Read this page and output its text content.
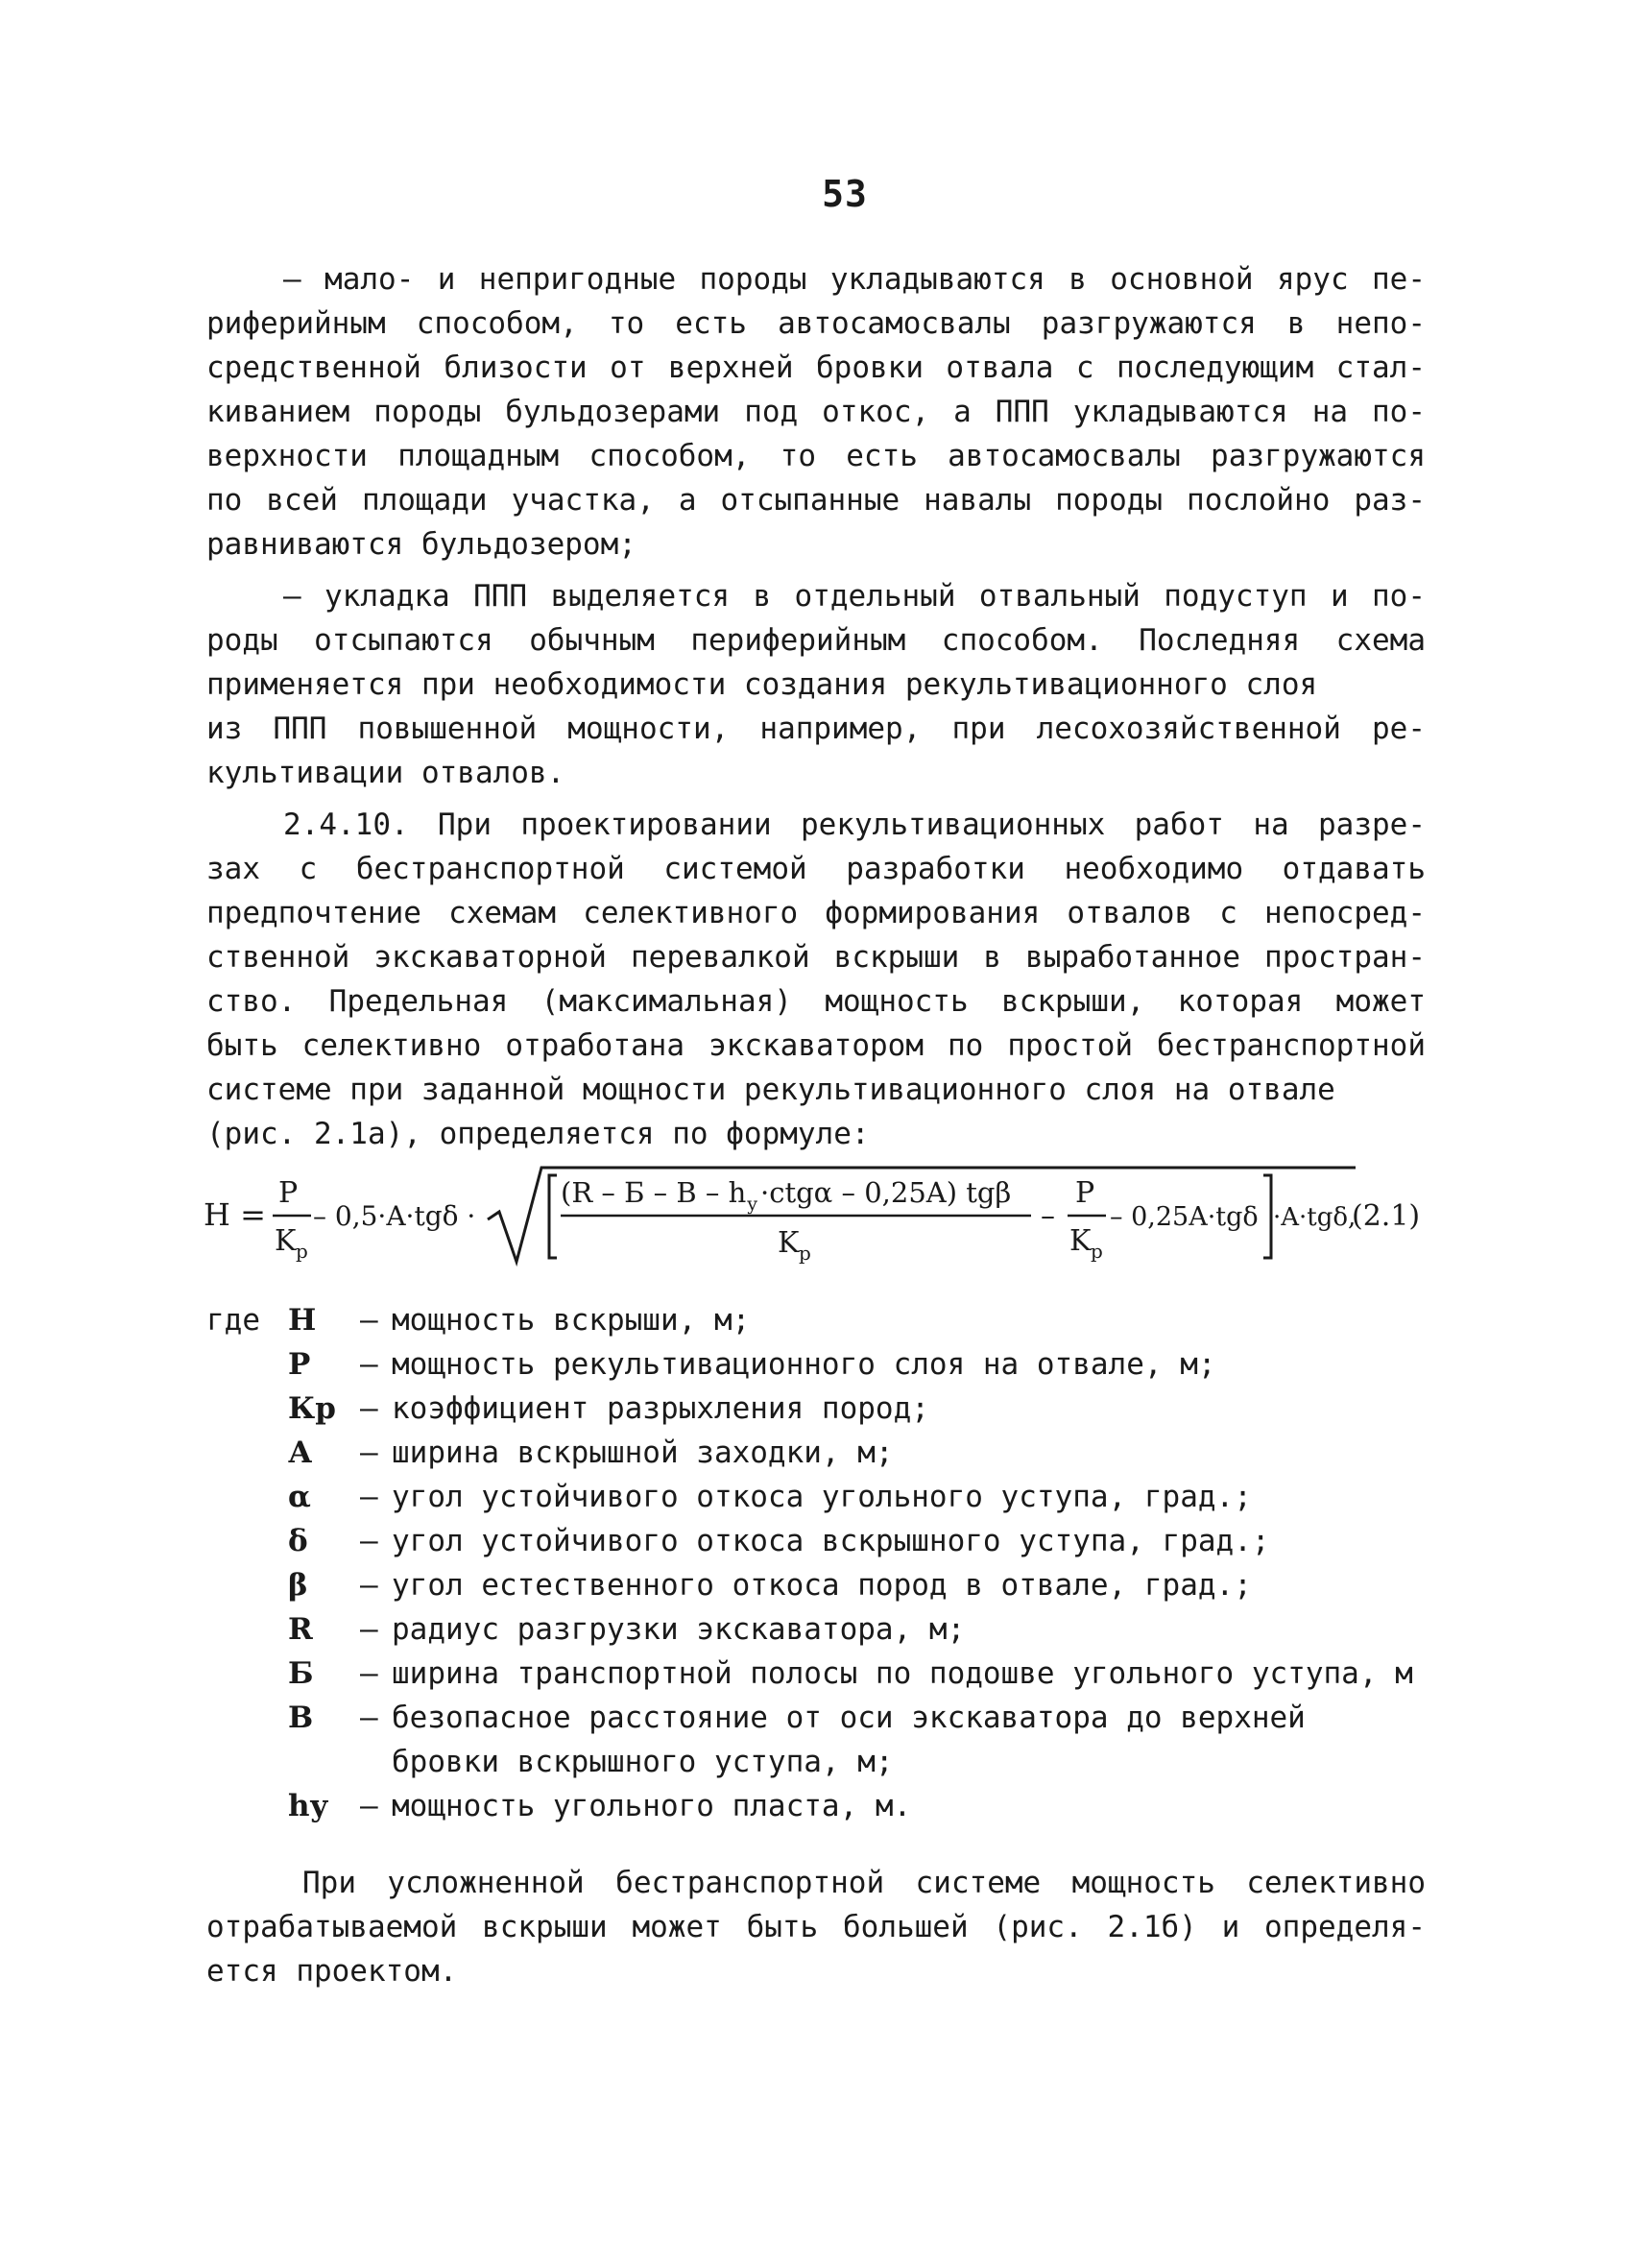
53
– мало- и непригодные породы укладываются в основной ярус пе-
риферийным способом, то есть автосамосвалы разгружаются в непо-
средственной близости от верхней бровки отвала с последующим стал-
киванием породы бульдозерами под откос, а ППП укладываются на по-
верхности площадным способом, то есть автосамосвалы разгружаются
по всей площади участка, а отсыпанные навалы породы послойно раз-
равниваются бульдозером;
– укладка ППП выделяется в отдельный отвальный подуступ и по-
роды отсыпаются обычным периферийным способом. Последняя схема
применяется при необходимости создания рекультивационного слоя
из ППП повышенной мощности, например, при лесохозяйственной ре-
культивации отвалов.
2.4.10. При проектировании рекультивационных работ на разре-
зах с бестранспортной системой разработки необходимо отдавать
предпочтение схемам селективного формирования отвалов с непосред-
ственной экскаваторной перевалкой вскрыши в выработанное простран-
ство. Предельная (максимальная) мощность вскрыши, которая может
быть селективно отработана экскаватором по простой бестранспортной
системе при заданной мощности рекультивационного слоя на отвале
(рис. 2.1а), определяется по формуле:
Н =
P
K р
– 0,5·A·tgδ ·
(R – Б – В – h у ·ctgα – 0,25A) tgβ
K р
–
P
K р
– 0,25A·tgδ ·A·tgδ,
(2.1)
где Н	– мощность вскрыши, м;
Р	– мощность рекультивационного слоя на отвале, м;
Кр – коэффициент разрыхления пород;
А	– ширина вскрышной заходки, м;
α	– угол устойчивого откоса угольного уступа, град.;
δ	– угол устойчивого откоса вскрышного уступа, град.;
β	– угол естественного откоса пород в отвале, град.;
R	– радиус разгрузки экскаватора, м;
Б	– ширина транспортной полосы по подошве угольного уступа, м
В	– безопасное расстояние от оси экскаватора до верхней
бровки вскрышного уступа, м;
hу	– мощность угольного пласта, м.
При усложненной бестранспортной системе мощность селективно
отрабатываемой вскрыши может быть большей (рис. 2.1б) и определя-
ется проектом.
